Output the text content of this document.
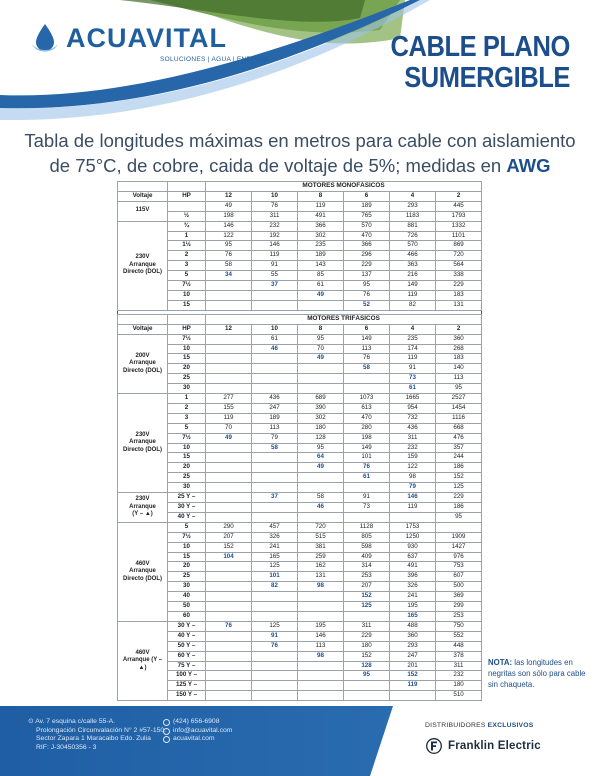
ACUAVITAL
SOLUCIONES | AGUA | ENERGÍA	CABLE PLANO
SUMERGIBLE
Tabla de longitudes máximas en metros para cable con aislamiento
de 75°C, de cobre, caida de voltaje de 5%; medidas en AWG
		MOTORES MONOFÁSICOS					
Voltaje	HP	12	10	8	6	4	2
115V		49	76	119	189	293	445
	½	198	311	491	765	1183	1793
230V
Arranque
Directo (DOL)	¾	146	232	366	570	881	1332
	1	122	192	302	470	726	1101
	1½	95	146	235	366	570	869
	2	76	119	189	296	466	720
	3	58	91	143	229	363	564
	5	34	55	85	137	216	338
	7½		37	61	95	149	229
	10			49	76	119	183
	15				52	82	131

		MOTORES TRIFÁSICOS					
Voltaje	HP	12	10	8	6	4	2
200V
Arranque
Directo (DOL)	7½		61	95	149	235	360
	10		46	70	113	174	268
	15			49	76	119	183
	20				58	91	140
	25					73	113
	30					61	95
230V
Arranque
Directo (DOL)	1	277	436	689	1073	1665	2527
	2	155	247	390	613	954	1454
	3	119	189	302	470	732	1116
	5	70	113	180	280	436	668
	7½	49	79	128	198	311	476
	10		58	95	149	232	357
	15			64	101	159	244
	20			49	76	122	186
	25				61	98	152
	30					79	125
230V
Arranque
(Y – ▲)	25 Y –		37	58	91	146	229
	30 Y –			46	73	119	186
	40 Y –						95
460V
Arranque
Directo (DOL)	5	290	457	720	1128	1753	
	7½	207	326	515	805	1250	1909
	10	152	241	381	598	930	1427
	15	104	165	259	409	637	976
	20		125	162	314	491	753
	25		101	131	253	396	607
	30		82	98	207	326	500
	40				152	241	369
	50				125	195	299
	60					165	253
460V
Arranque (Y – ▲)	30 Y –	76	125	195	311	488	750
	40 Y –		91	146	229	360	552
	50 Y –		76	113	180	293	448
	60 Y –			98	152	247	378
	75 Y –				128	201	311
	100 Y –				95	152	232
	125 Y –					119	180
	150 Y –						510
NOTA: las longitudes en negritas son sólo para cable sin chaqueta.
⊙ Av. 7 esquina c/calle 55-A.
Prolongación Circunvalación N° 2 #57-150.
Sector Zapara 1 Maracaibo Edo. Zulia
RIF: J-30450356 - 3
(424) 656-6908
info@acuavital.com
acuavital.com
DISTRIBUIDORES EXCLUSIVOS
Franklin Electric
